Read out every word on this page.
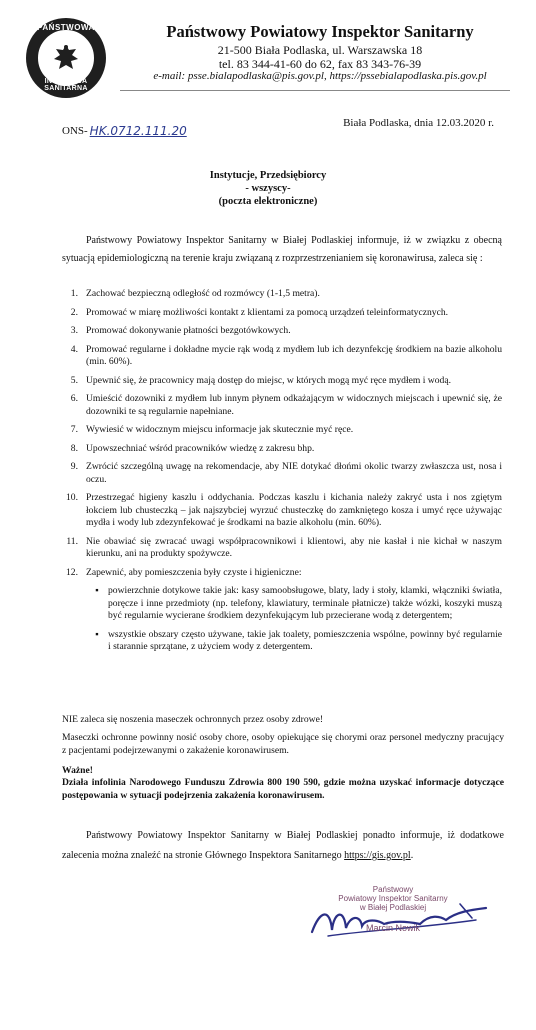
PAŃSTWOWA
INSPEKCJA SANITARNA
Państwowy Powiatowy Inspektor Sanitarny
21-500 Biała Podlaska, ul. Warszawska 18
tel. 83 344-41-60 do 62, fax 83 343-76-39
e-mail: psse.bialapodlaska@pis.gov.pl, https://pssebialapodlaska.pis.gov.pl
Biała Podlaska, dnia 12.03.2020 r.
ONS- HK.0712.111.20
Instytucje, Przedsiębiorcy
- wszyscy-
(poczta elektroniczne)
Państwowy Powiatowy Inspektor Sanitarny w Białej Podlaskiej informuje, iż w związku z obecną sytuacją epidemiologiczną na terenie kraju związaną z rozprzestrzenianiem się koronawirusa, zaleca się :
1. Zachować bezpieczną odległość od rozmówcy (1-1,5 metra).
2. Promować w miarę możliwości kontakt z klientami za pomocą urządzeń teleinformatycznych.
3. Promować dokonywanie płatności bezgotówkowych.
4. Promować regularne i dokładne mycie rąk wodą z mydłem lub ich dezynfekcję środkiem na bazie alkoholu (min. 60%).
5. Upewnić się, że pracownicy mają dostęp do miejsc, w których mogą myć ręce mydłem i wodą.
6. Umieścić dozowniki z mydłem lub innym płynem odkażającym w widocznych miejscach i upewnić się, że dozowniki te są regularnie napełniane.
7. Wywiesić w widocznym miejscu informacje jak skutecznie myć ręce.
8. Upowszechniać wśród pracowników wiedzę z zakresu bhp.
9. Zwrócić szczególną uwagę na rekomendacje, aby NIE dotykać dłońmi okolic twarzy zwłaszcza ust, nosa i oczu.
10. Przestrzegać higieny kaszlu i oddychania. Podczas kaszlu i kichania należy zakryć usta i nos zgiętym łokciem lub chusteczką – jak najszybciej wyrzuć chusteczkę do zamkniętego kosza i umyć ręce używając mydła i wody lub zdezynfekować je środkami na bazie alkoholu (min. 60%).
11. Nie obawiać się zwracać uwagi współpracownikowi i klientowi, aby nie kasłał i nie kichał w naszym kierunku, ani na produkty spożywcze.
12. Zapewnić, aby pomieszczenia były czyste i higieniczne:
▪ powierzchnie dotykowe takie jak: kasy samoobsługowe, blaty, lady i stoły, klamki, włączniki światła, poręcze i inne przedmioty (np. telefony, klawiatury, terminale płatnicze) także wózki, koszyki muszą być regularnie wycierane środkiem dezynfekującym lub przecierane wodą z detergentem;
▪ wszystkie obszary często używane, takie jak toalety, pomieszczenia wspólne, powinny być regularnie i starannie sprzątane, z użyciem wody z detergentem.
NIE zaleca się noszenia maseczek ochronnych przez osoby zdrowe!
Maseczki ochronne powinny nosić osoby chore, osoby opiekujące się chorymi oraz personel medyczny pracujący z pacjentami podejrzewanymi o zakażenie koronawirusem.
Ważne!
Działa infolinia Narodowego Funduszu Zdrowia 800 190 590, gdzie można uzyskać informacje dotyczące postępowania w sytuacji podejrzenia zakażenia koronawirusem.
Państwowy Powiatowy Inspektor Sanitarny w Białej Podlaskiej ponadto informuje, iż dodatkowe zalecenia można znaleźć na stronie Głównego Inspektora Sanitarnego https://gis.gov.pl.
Państwowy
Powiatowy Inspektor Sanitarny
w Białej Podlaskiej
Marcin Nowik
